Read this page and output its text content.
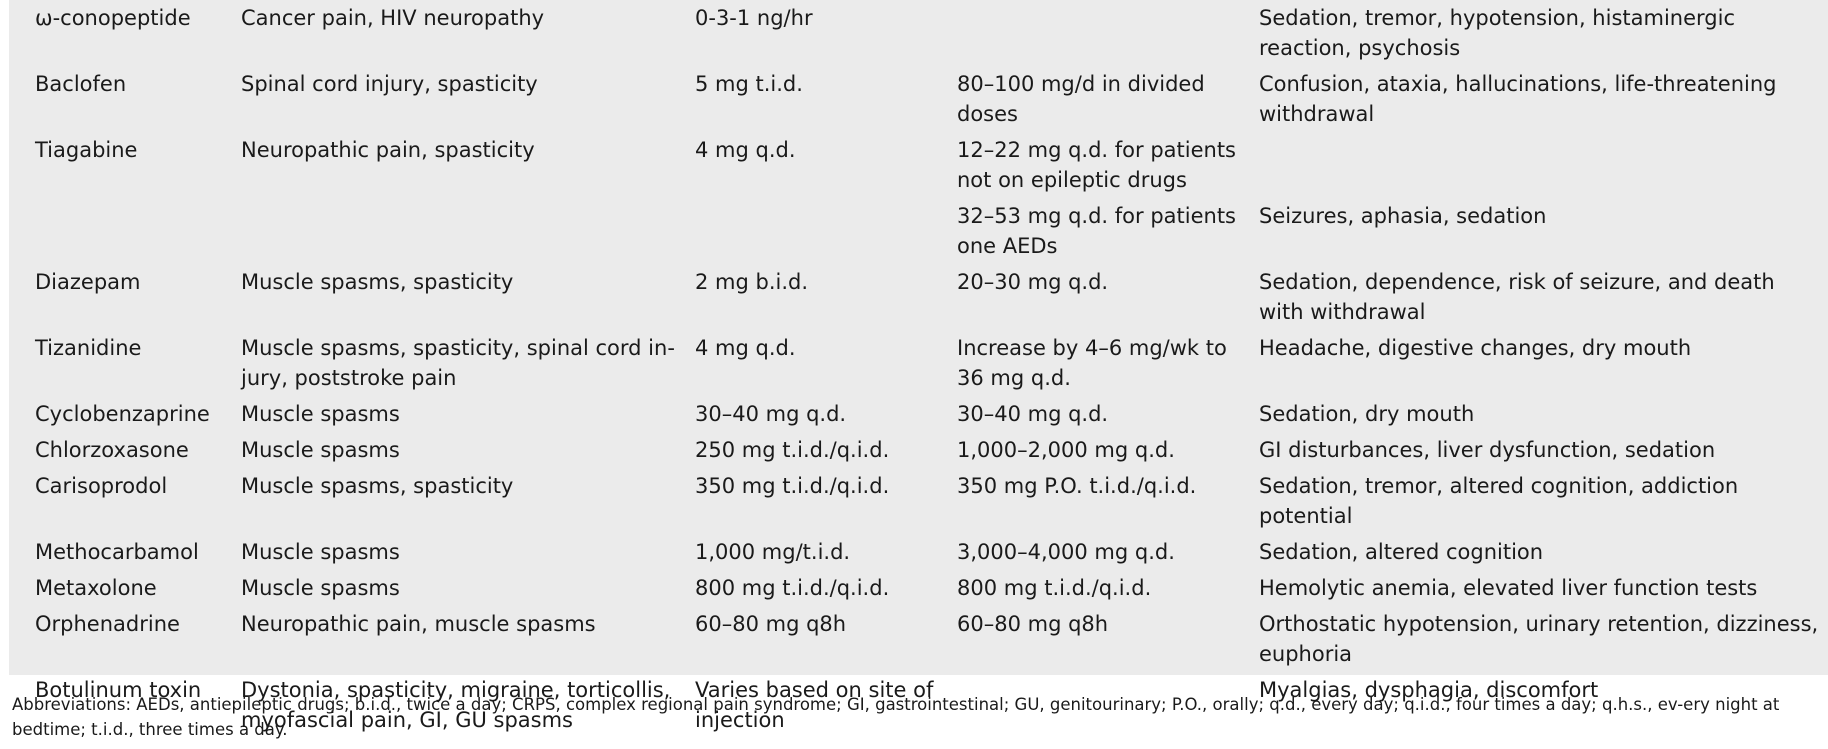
ω-conopeptide	Cancer pain, HIV neuropathy	0-3-1 ng/hr		Sedation, tremor, hypotension, histaminergic reaction, psychosis
Baclofen	Spinal cord injury, spasticity	5 mg t.i.d.	80–100 mg/d in divided doses	Confusion, ataxia, hallucinations, life-threatening withdrawal
Tiagabine	Neuropathic pain, spasticity	4 mg q.d.	12–22 mg q.d. for patients not on epileptic drugs	
			32–53 mg q.d. for patients one AEDs	Seizures, aphasia, sedation
Diazepam	Muscle spasms, spasticity	2 mg b.i.d.	20–30 mg q.d.	Sedation, dependence, risk of seizure, and death with withdrawal
Tizanidine	Muscle spasms, spasticity, spinal cord in-jury, poststroke pain	4 mg q.d.	Increase by 4–6 mg/wk to 36 mg q.d.	Headache, digestive changes, dry mouth
Cyclobenzaprine	Muscle spasms	30–40 mg q.d.	30–40 mg q.d.	Sedation, dry mouth
Chlorzoxasone	Muscle spasms	250 mg t.i.d./q.i.d.	1,000–2,000 mg q.d.	GI disturbances, liver dysfunction, sedation
Carisoprodol	Muscle spasms, spasticity	350 mg t.i.d./q.i.d.	350 mg P.O. t.i.d./q.i.d.	Sedation, tremor, altered cognition, addiction potential
Methocarbamol	Muscle spasms	1,000 mg/t.i.d.	3,000–4,000 mg q.d.	Sedation, altered cognition
Metaxolone	Muscle spasms	800 mg t.i.d./q.i.d.	800 mg t.i.d./q.i.d.	Hemolytic anemia, elevated liver function tests
Orphenadrine	Neuropathic pain, muscle spasms	60–80 mg q8h	60–80 mg q8h	Orthostatic hypotension, urinary retention, dizziness, euphoria
Botulinum toxin	Dystonia, spasticity, migraine, torticollis, myofascial pain, GI, GU spasms	Varies based on site of injection		Myalgias, dysphagia, discomfort
Abbreviations: AEDs, antiepileptic drugs; b.i.d., twice a day; CRPS, complex regional pain syndrome; GI, gastrointestinal; GU, genitourinary; P.O., orally; q.d., every day; q.i.d., four times a day; q.h.s., ev-ery night at bedtime; t.i.d., three times a day.
